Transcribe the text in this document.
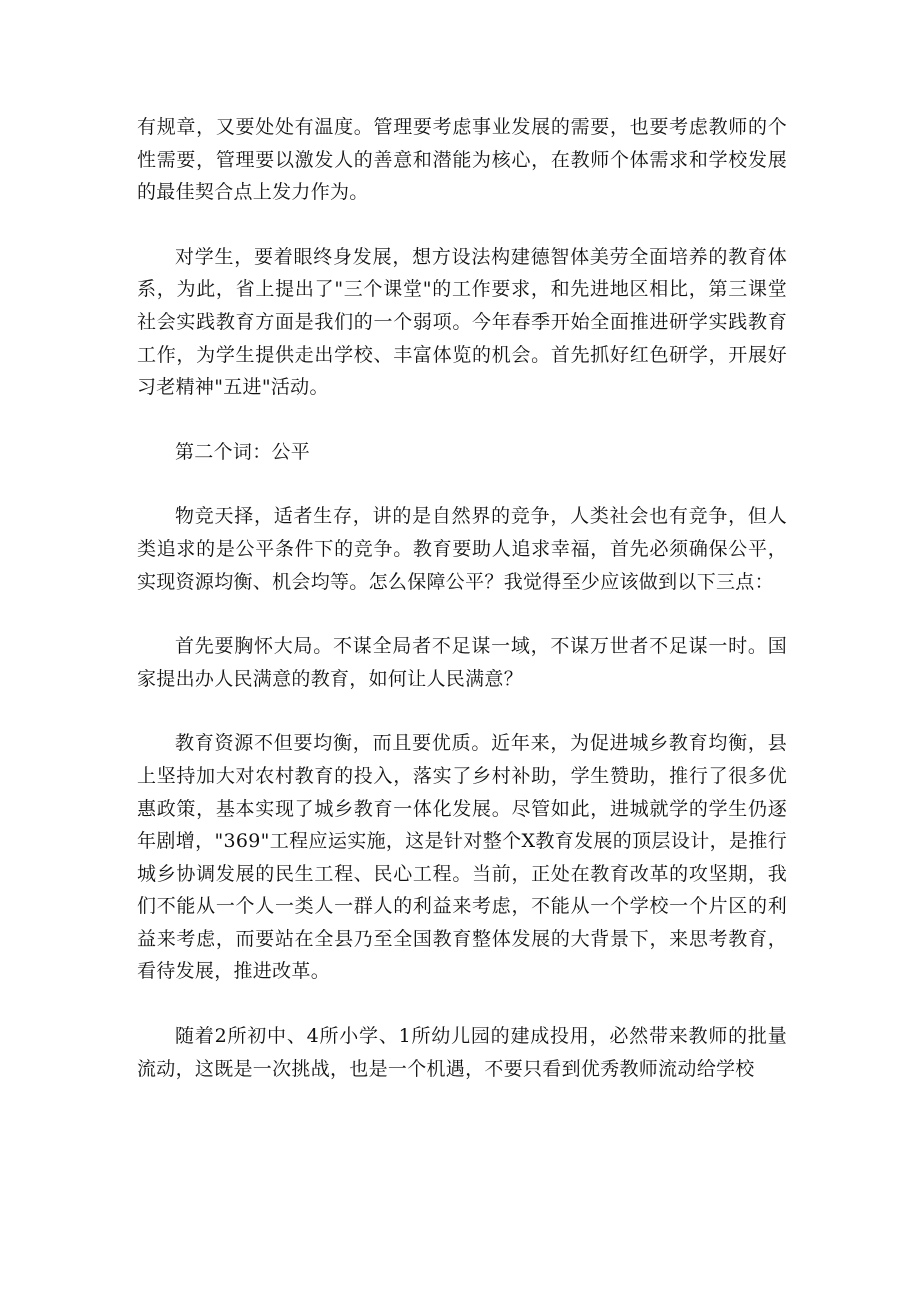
有规章，又要处处有温度。管理要考虑事业发展的需要，也要考虑教师的个性需要，管理要以激发人的善意和潜能为核心，在教师个体需求和学校发展的最佳契合点上发力作为。

对学生，要着眼终身发展，想方设法构建德智体美劳全面培养的教育体系，为此，省上提出了"三个课堂"的工作要求，和先进地区相比，第三课堂社会实践教育方面是我们的一个弱项。今年春季开始全面推进研学实践教育工作，为学生提供走出学校、丰富体览的机会。首先抓好红色研学，开展好习老精神"五进"活动。

第二个词：公平

物竞天择，适者生存，讲的是自然界的竞争，人类社会也有竞争，但人类追求的是公平条件下的竞争。教育要助人追求幸福，首先必须确保公平，实现资源均衡、机会均等。怎么保障公平？我觉得至少应该做到以下三点：

首先要胸怀大局。不谋全局者不足谋一域，不谋万世者不足谋一时。国家提出办人民满意的教育，如何让人民满意？

教育资源不但要均衡，而且要优质。近年来，为促进城乡教育均衡，县上坚持加大对农村教育的投入，落实了乡村补助，学生赞助，推行了很多优惠政策，基本实现了城乡教育一体化发展。尽管如此，进城就学的学生仍逐年剧增，"369"工程应运实施，这是针对整个X教育发展的顶层设计，是推行城乡协调发展的民生工程、民心工程。当前，正处在教育改革的攻坚期，我们不能从一个人一类人一群人的利益来考虑，不能从一个学校一个片区的利益来考虑，而要站在全县乃至全国教育整体发展的大背景下，来思考教育，看待发展，推进改革。

随着2所初中、4所小学、1所幼儿园的建成投用，必然带来教师的批量流动，这既是一次挑战，也是一个机遇，不要只看到优秀教师流动给学校
